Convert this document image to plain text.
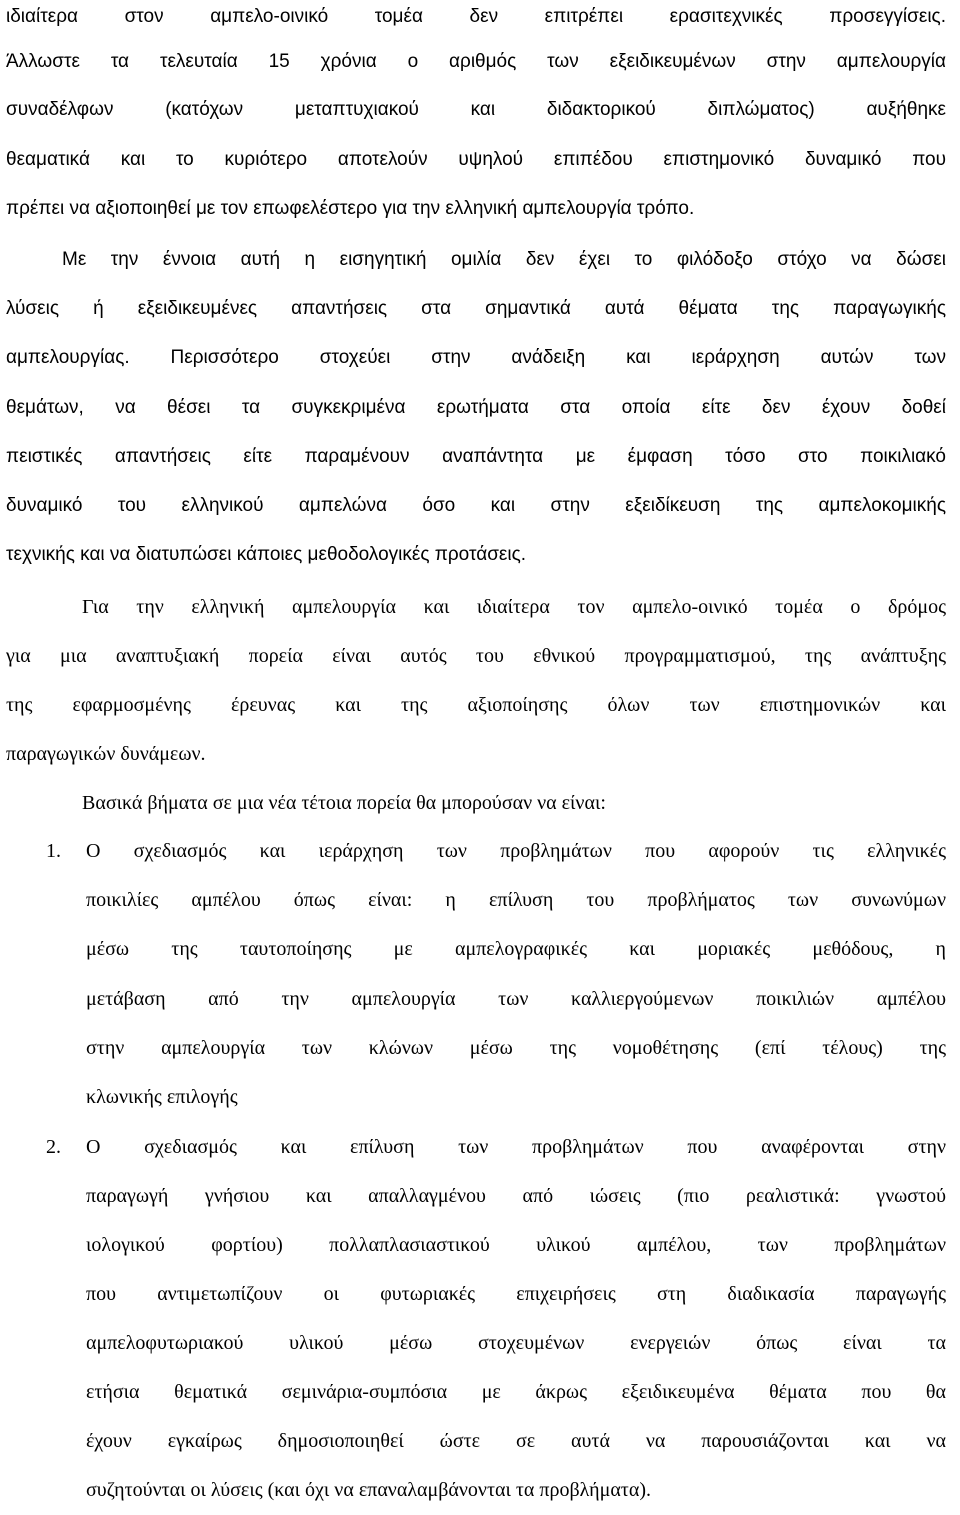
ιδιαίτερα στον αμπελο-οινικό τομέα δεν επιτρέπει ερασιτεχνικές προσεγγίσεις.
Άλλωστε τα τελευταία 15 χρόνια ο αριθμός των εξειδικευμένων στην αμπελουργία
συναδέλφων (κατόχων μεταπτυχιακού και διδακτορικού διπλώματος) αυξήθηκε
θεαματικά και το κυριότερο αποτελούν υψηλού επιπέδου επιστημονικό δυναμικό που
πρέπει να αξιοποιηθεί με τον επωφελέστερο για την ελληνική αμπελουργία τρόπο.
Με την έννοια αυτή η εισηγητική ομιλία δεν έχει το φιλόδοξο στόχο να δώσει
λύσεις ή εξειδικευμένες απαντήσεις στα σημαντικά αυτά θέματα της παραγωγικής
αμπελουργίας. Περισσότερο στοχεύει στην ανάδειξη και ιεράρχηση αυτών των
θεμάτων, να θέσει τα συγκεκριμένα ερωτήματα στα οποία είτε δεν έχουν δοθεί
πειστικές απαντήσεις είτε παραμένουν αναπάντητα με έμφαση τόσο στο ποικιλιακό
δυναμικό του ελληνικού αμπελώνα όσο και στην εξειδίκευση της αμπελοκομικής
τεχνικής και να διατυπώσει κάποιες μεθοδολογικές προτάσεις.
Για την ελληνική αμπελουργία και ιδιαίτερα τον αμπελο-οινικό τομέα ο δρόμος
για μια αναπτυξιακή πορεία είναι αυτός του εθνικού προγραμματισμού, της ανάπτυξης
της εφαρμοσμένης έρευνας και της αξιοποίησης όλων των επιστημονικών και
παραγωγικών δυνάμεων.
Βασικά βήματα σε μια νέα τέτοια πορεία θα μπορούσαν να είναι:
1.	Ο σχεδιασμός και ιεράρχηση των προβλημάτων που αφορούν τις ελληνικές
ποικιλίες αμπέλου όπως είναι: η επίλυση του προβλήματος των συνωνύμων
μέσω της ταυτοποίησης με αμπελογραφικές και μοριακές μεθόδους, η
μετάβαση από την αμπελουργία των καλλιεργούμενων ποικιλιών αμπέλου
στην αμπελουργία των κλώνων μέσω της νομοθέτησης (επί τέλους) της
κλωνικής επιλογής
2.	Ο σχεδιασμός και επίλυση των προβλημάτων που αναφέρονται στην
παραγωγή γνήσιου και απαλλαγμένου από ιώσεις (πιο ρεαλιστικά: γνωστού
ιολογικού φορτίου) πολλαπλασιαστικού υλικού αμπέλου, των προβλημάτων
που αντιμετωπίζουν οι φυτωριακές επιχειρήσεις στη διαδικασία παραγωγής
αμπελοφυτωριακού υλικού μέσω στοχευμένων ενεργειών όπως είναι τα
ετήσια θεματικά σεμινάρια-συμπόσια με άκρως εξειδικευμένα θέματα που θα
έχουν εγκαίρως δημοσιοποιηθεί ώστε σε αυτά να παρουσιάζονται και να
συζητούνται οι λύσεις (και όχι να επαναλαμβάνονται τα προβλήματα).
